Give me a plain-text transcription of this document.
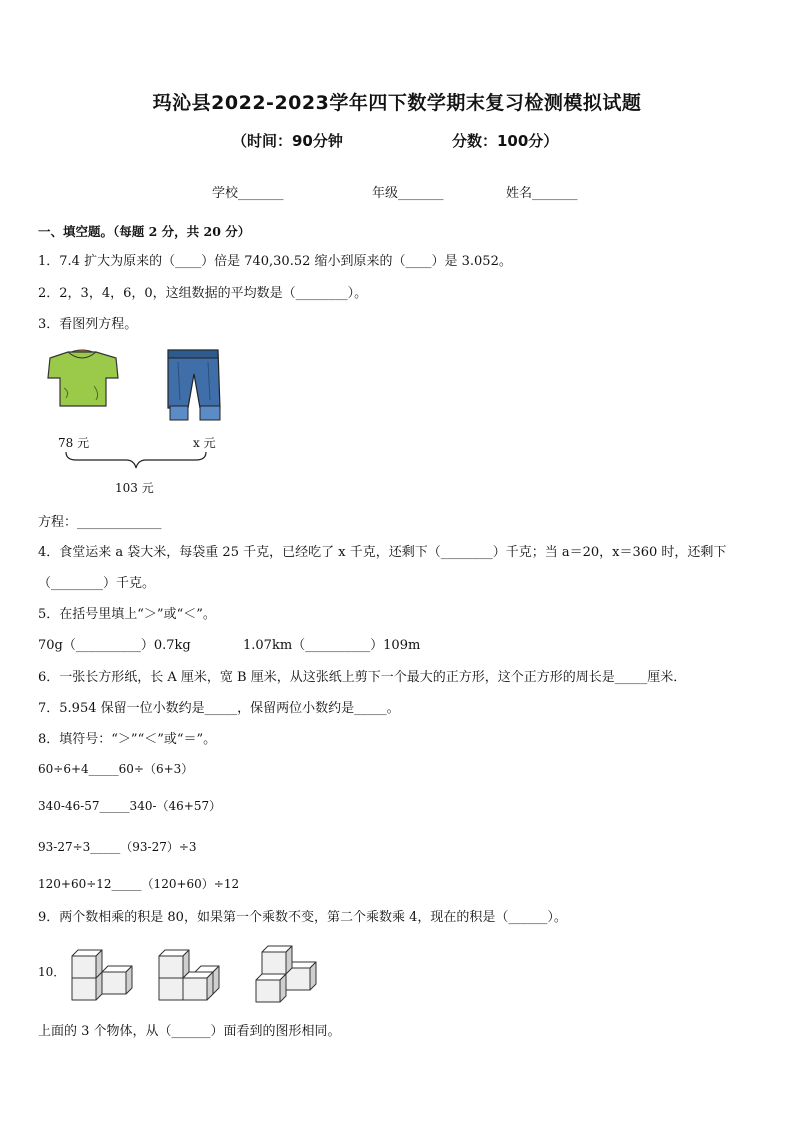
玛沁县2022-2023学年四下数学期末复习检测模拟试题
（时间：90分钟	分数：100分）
学校_______	年级_______	姓名_______
一、填空题。（每题 2 分，共 20 分）
1．7.4 扩大为原来的（____）倍是 740,30.52 缩小到原来的（____）是 3.052。
2．2，3，4，6，0，这组数据的平均数是（________）。
3．看图列方程。
78 元	x 元
103 元
方程：_____________
4．食堂运来 a 袋大米，每袋重 25 千克，已经吃了 x 千克，还剩下（________）千克；当 a＝20，x＝360 时，还剩下
（________）千克。
5．在括号里填上“＞”或“＜”。
70g（__________）0.7kg	1.07km（__________）109m
6．一张长方形纸，长 A 厘米，宽 B 厘米，从这张纸上剪下一个最大的正方形，这个正方形的周长是_____厘米．
7．5.954 保留一位小数约是_____，保留两位小数约是_____。
8．填符号：“＞”“＜”或“＝”。
60÷6+4_____60÷（6+3）
340-46-57_____340-（46+57）
93-27÷3_____（93-27）÷3
120+60÷12_____（120+60）÷12
9．两个数相乘的积是 80，如果第一个乘数不变，第二个乘数乘 4，现在的积是（______）。
10．
上面的 3 个物体，从（______）面看到的图形相同。
